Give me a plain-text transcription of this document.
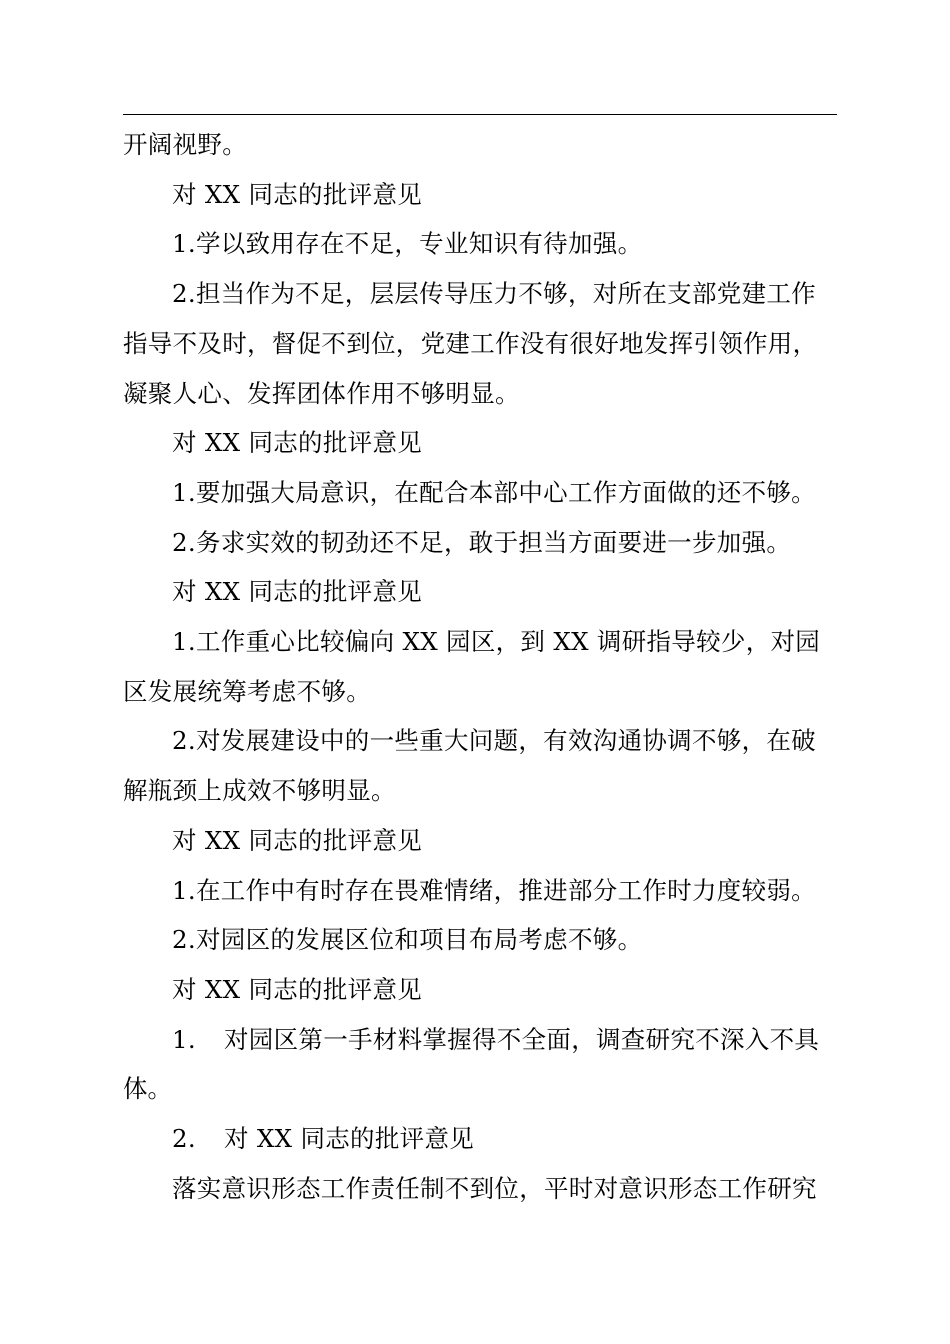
开阔视野。

对 XX 同志的批评意见

1.学以致用存在不足，专业知识有待加强。

2.担当作为不足，层层传导压力不够，对所在支部党建工作指导不及时，督促不到位，党建工作没有很好地发挥引领作用，凝聚人心、发挥团体作用不够明显。

对 XX 同志的批评意见

1.要加强大局意识，在配合本部中心工作方面做的还不够。

2.务求实效的韧劲还不足，敢于担当方面要进一步加强。

对 XX 同志的批评意见

1.工作重心比较偏向 XX 园区，到 XX 调研指导较少，对园区发展统筹考虑不够。

2.对发展建设中的一些重大问题，有效沟通协调不够，在破解瓶颈上成效不够明显。

对 XX 同志的批评意见

1.在工作中有时存在畏难情绪，推进部分工作时力度较弱。

2.对园区的发展区位和项目布局考虑不够。

对 XX 同志的批评意见

1. 对园区第一手材料掌握得不全面，调查研究不深入不具

体。

2. 对 XX 同志的批评意见

落实意识形态工作责任制不到位，平时对意识形态工作研究
